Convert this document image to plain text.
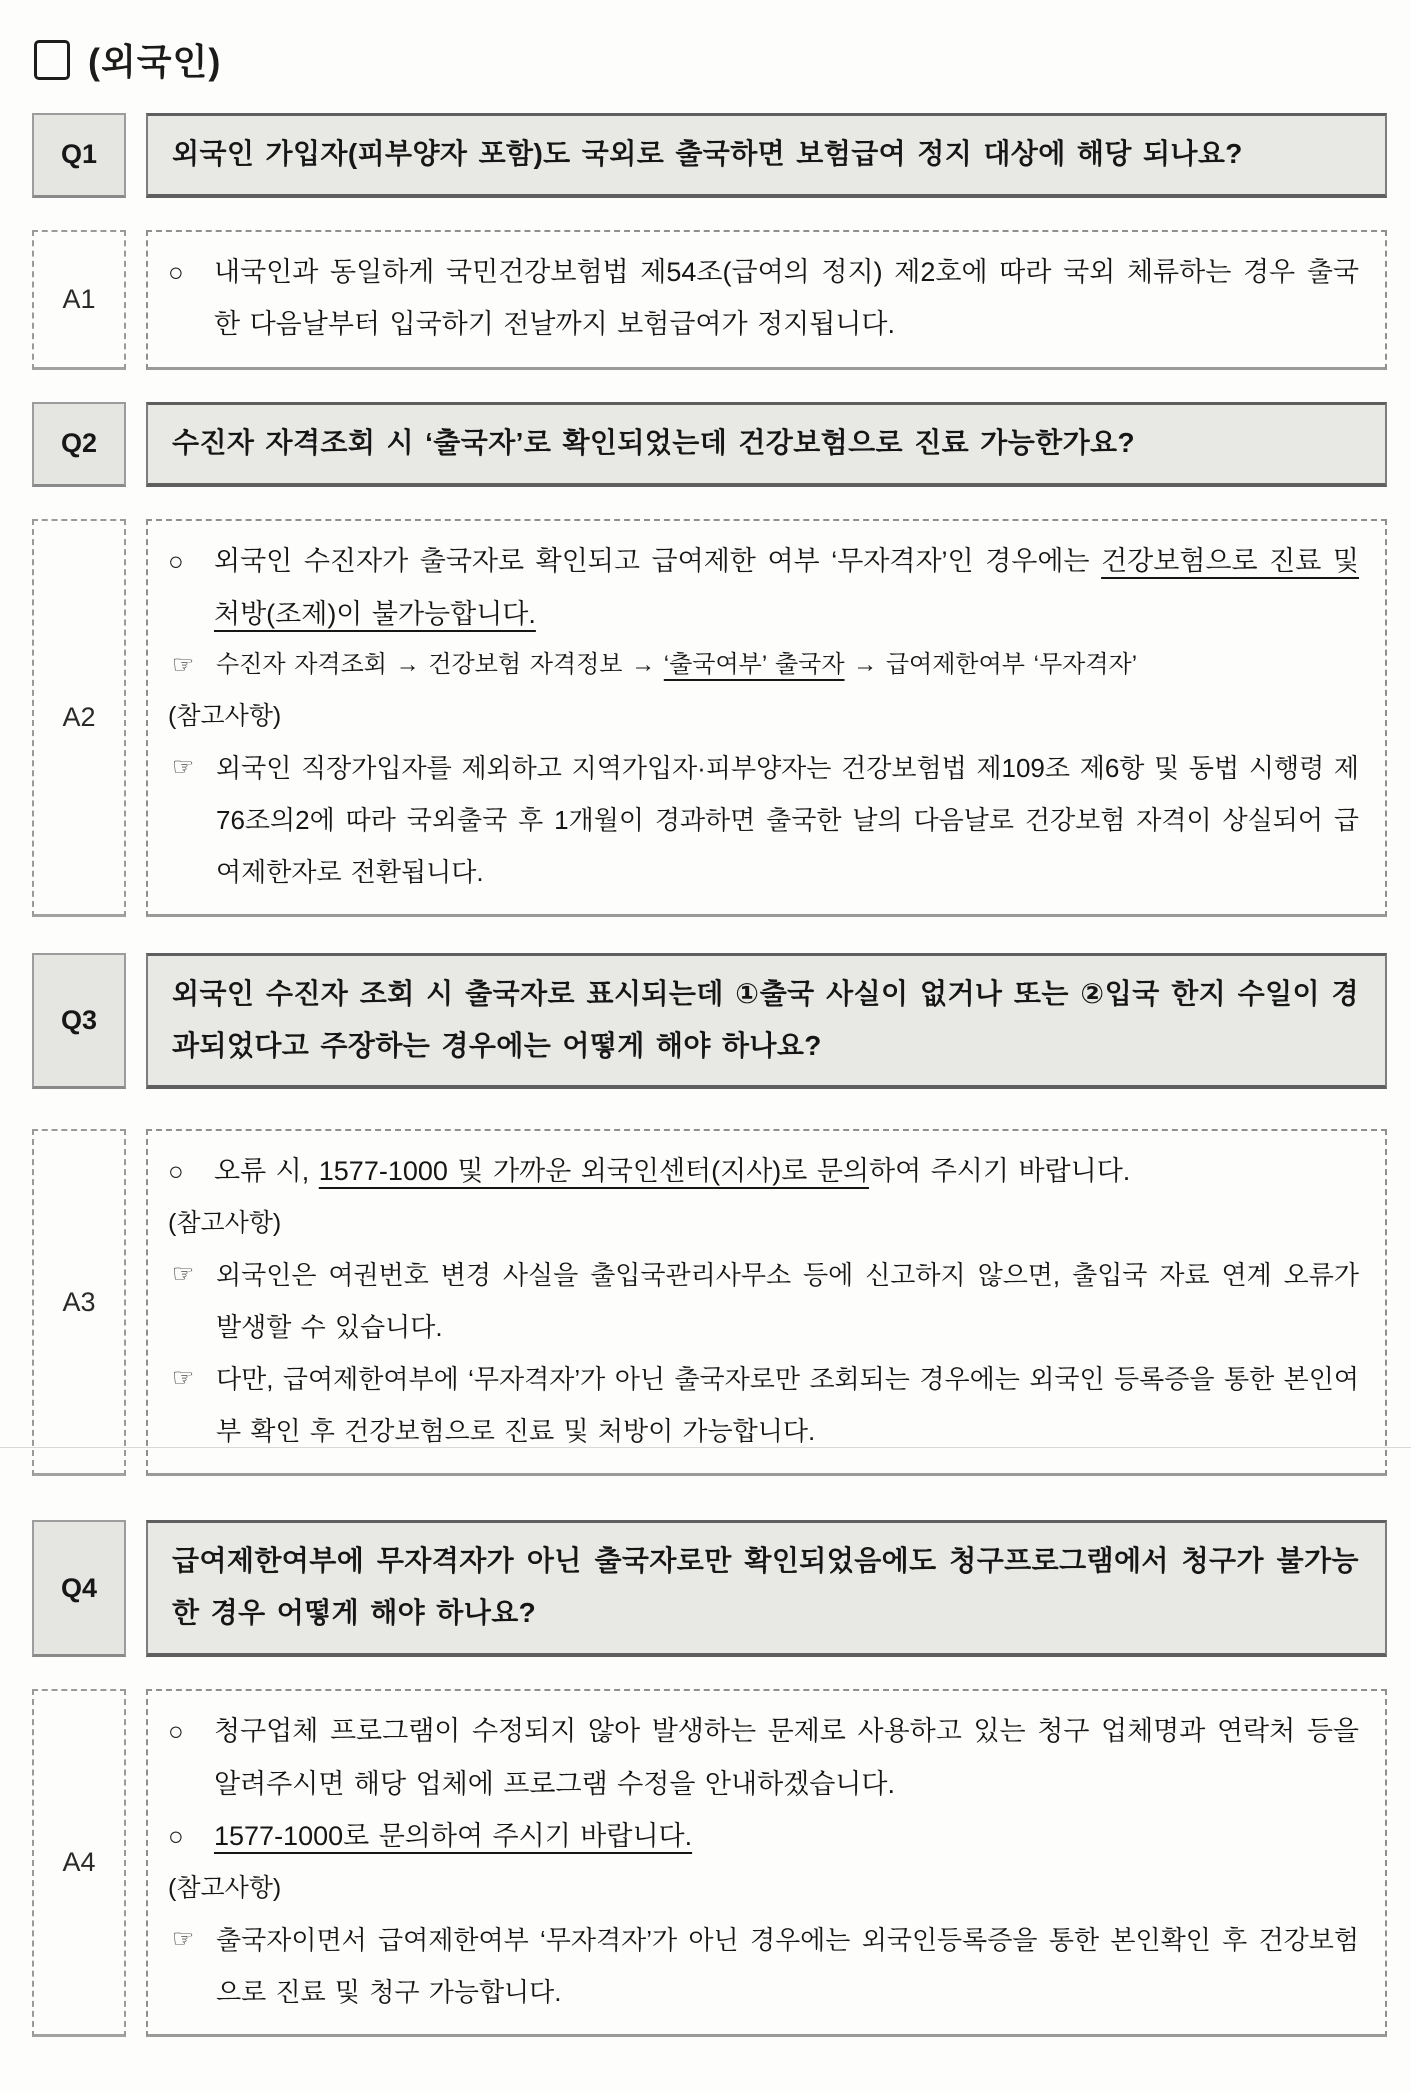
(외국인)
Q1	외국인 가입자(피부양자 포함)도 국외로 출국하면 보험급여 정지 대상에 해당 되나요?
A1
○	내국인과 동일하게 국민건강보험법 제54조(급여의 정지) 제2호에 따라 국외 체류하는 경우 출국한 다음날부터 입국하기 전날까지 보험급여가 정지됩니다.
Q2	수진자 자격조회 시 ‘출국자’로 확인되었는데 건강보험으로 진료 가능한가요?
A2
○	외국인 수진자가 출국자로 확인되고 급여제한 여부 ‘무자격자’인 경우에는 건강보험으로 진료 및 처방(조제)이 불가능합니다.
☞ 수진자 자격조회 → 건강보험 자격정보 → ‘출국여부’ 출국자 → 급여제한여부 ‘무자격자’
(참고사항)
☞ 외국인 직장가입자를 제외하고 지역가입자·피부양자는 건강보험법 제109조 제6항 및 동법 시행령 제76조의2에 따라 국외출국 후 1개월이 경과하면 출국한 날의 다음날로 건강보험 자격이 상실되어 급여제한자로 전환됩니다.
Q3
외국인 수진자 조회 시 출국자로 표시되는데 ①출국 사실이 없거나 또는 ②입국 한지 수일이 경과되었다고 주장하는 경우에는 어떻게 해야 하나요?
A3
○	오류 시, 1577-1000 및 가까운 외국인센터(지사)로 문의하여 주시기 바랍니다.
(참고사항)
☞ 외국인은 여권번호 변경 사실을 출입국관리사무소 등에 신고하지 않으면, 출입국 자료 연계 오류가 발생할 수 있습니다.
☞ 다만, 급여제한여부에 ‘무자격자’가 아닌 출국자로만 조회되는 경우에는 외국인 등록증을 통한 본인여부 확인 후 건강보험으로 진료 및 처방이 가능합니다.
Q4
급여제한여부에 무자격자가 아닌 출국자로만 확인되었음에도 청구프로그램에서 청구가 불가능한 경우 어떻게 해야 하나요?
A4
○	청구업체 프로그램이 수정되지 않아 발생하는 문제로 사용하고 있는 청구 업체명과 연락처 등을 알려주시면 해당 업체에 프로그램 수정을 안내하겠습니다.
○	1577-1000로 문의하여 주시기 바랍니다.
(참고사항)
☞ 출국자이면서 급여제한여부 ‘무자격자’가 아닌 경우에는 외국인등록증을 통한 본인확인 후 건강보험으로 진료 및 청구 가능합니다.
